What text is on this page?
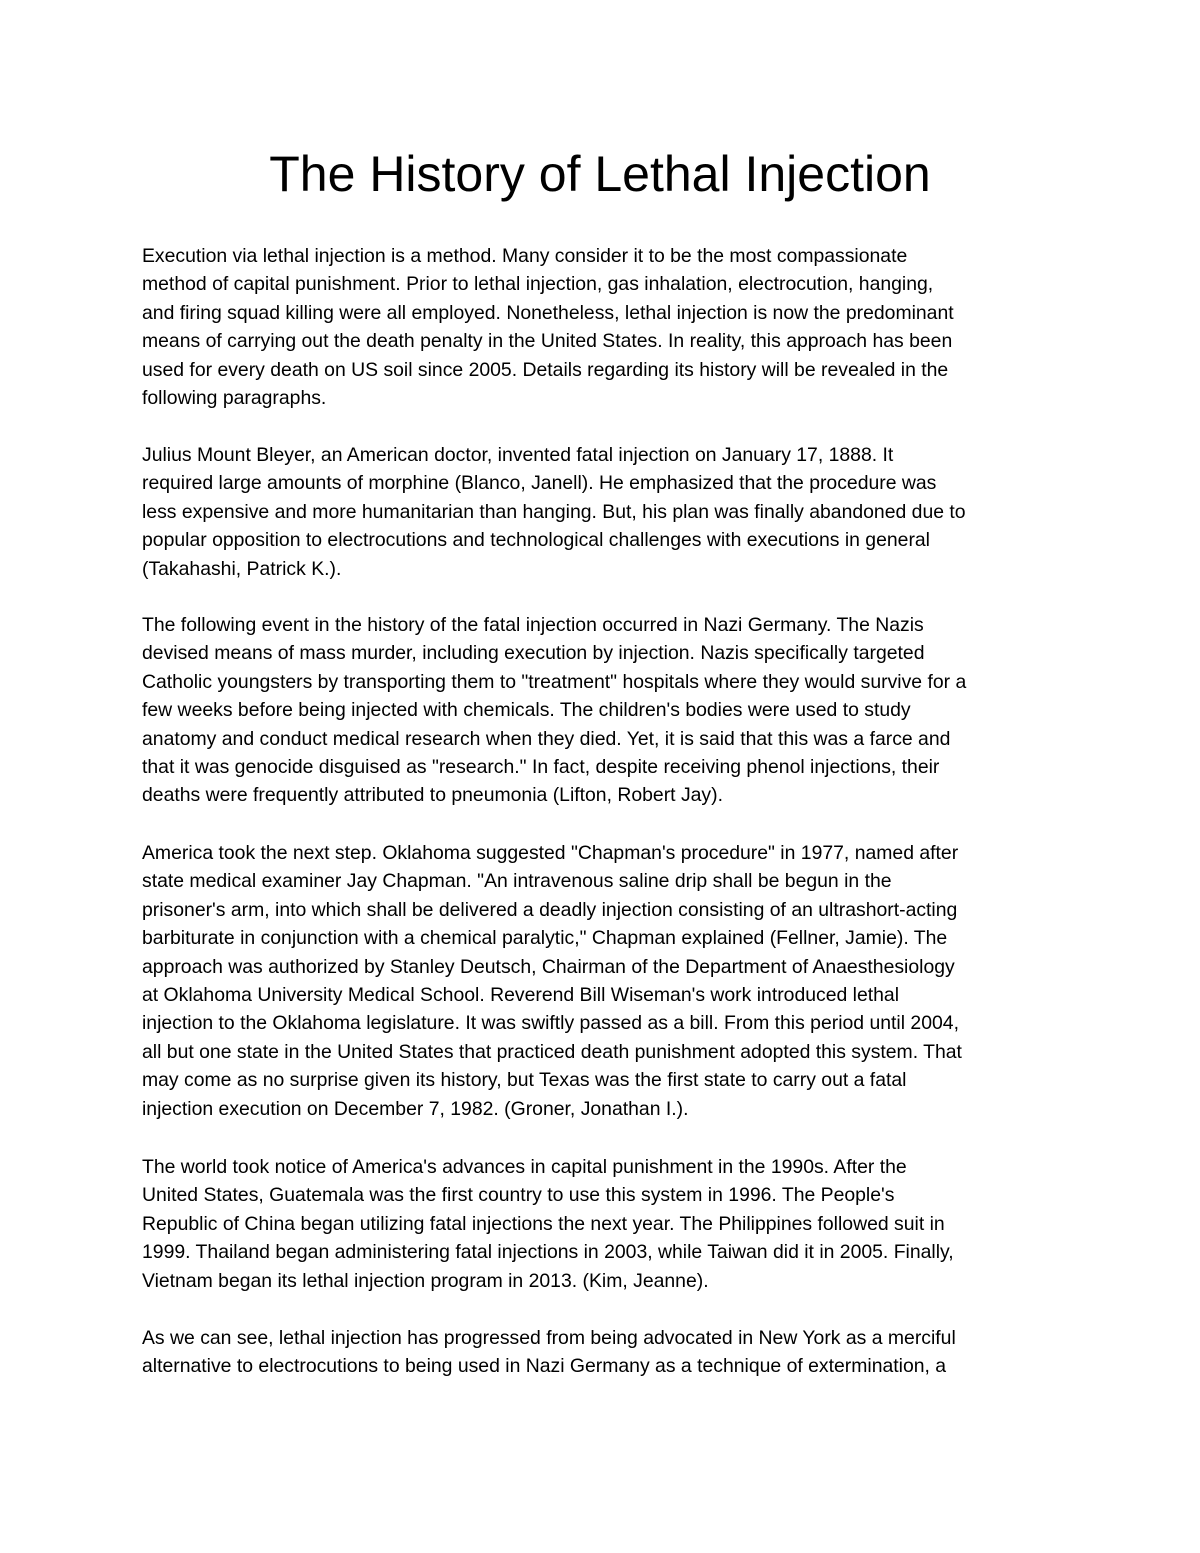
The History of Lethal Injection

Execution via lethal injection is a method. Many consider it to be the most compassionate
method of capital punishment. Prior to lethal injection, gas inhalation, electrocution, hanging,
and firing squad killing were all employed. Nonetheless, lethal injection is now the predominant
means of carrying out the death penalty in the United States. In reality, this approach has been
used for every death on US soil since 2005. Details regarding its history will be revealed in the
following paragraphs.

Julius Mount Bleyer, an American doctor, invented fatal injection on January 17, 1888. It
required large amounts of morphine (Blanco, Janell). He emphasized that the procedure was
less expensive and more humanitarian than hanging. But, his plan was finally abandoned due to
popular opposition to electrocutions and technological challenges with executions in general
(Takahashi, Patrick K.).

The following event in the history of the fatal injection occurred in Nazi Germany. The Nazis
devised means of mass murder, including execution by injection. Nazis specifically targeted
Catholic youngsters by transporting them to "treatment" hospitals where they would survive for a
few weeks before being injected with chemicals. The children's bodies were used to study
anatomy and conduct medical research when they died. Yet, it is said that this was a farce and
that it was genocide disguised as "research." In fact, despite receiving phenol injections, their
deaths were frequently attributed to pneumonia (Lifton, Robert Jay).

America took the next step. Oklahoma suggested "Chapman's procedure" in 1977, named after
state medical examiner Jay Chapman. "An intravenous saline drip shall be begun in the
prisoner's arm, into which shall be delivered a deadly injection consisting of an ultrashort-acting
barbiturate in conjunction with a chemical paralytic," Chapman explained (Fellner, Jamie). The
approach was authorized by Stanley Deutsch, Chairman of the Department of Anaesthesiology
at Oklahoma University Medical School. Reverend Bill Wiseman's work introduced lethal
injection to the Oklahoma legislature. It was swiftly passed as a bill. From this period until 2004,
all but one state in the United States that practiced death punishment adopted this system. That
may come as no surprise given its history, but Texas was the first state to carry out a fatal
injection execution on December 7, 1982. (Groner, Jonathan I.).

The world took notice of America's advances in capital punishment in the 1990s. After the
United States, Guatemala was the first country to use this system in 1996. The People's
Republic of China began utilizing fatal injections the next year. The Philippines followed suit in
1999. Thailand began administering fatal injections in 2003, while Taiwan did it in 2005. Finally,
Vietnam began its lethal injection program in 2013. (Kim, Jeanne).

As we can see, lethal injection has progressed from being advocated in New York as a merciful
alternative to electrocutions to being used in Nazi Germany as a technique of extermination, a
